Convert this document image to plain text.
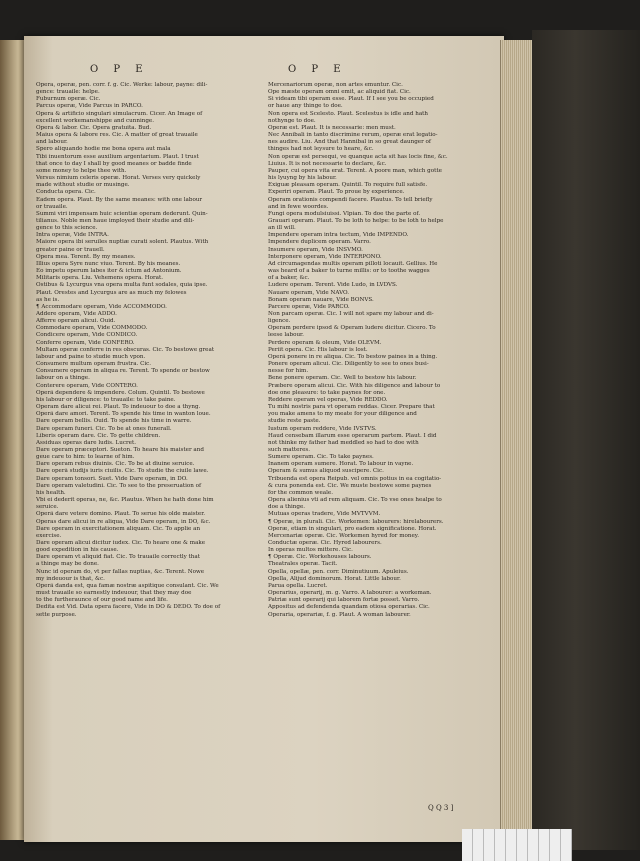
O P E	O P E
Opera, operæ, pen. corr. f. g. Cic. Werke: labour, payne: dili-
gence: trauaile: helpe.
Fuburnum operæ. Cic.
Parcus operæ, Vide Parcus in PARCO.
Opera & artificio singulari simulacrum. Cicer. An Image of
excellent workemanshippe and cunninge.
Opera & labor. Cic. Opera gratuita. Bud.
Maius opera & labore res. Cic. A matter of great trauaile
and labour.
Spero aliquando hodie me bona opera aut mala
Tibi inuentorum esse auxilium argentarium. Plaut. I trust
that once to day I shall by good meanes or badde finde
some money to helpe thee with.
Versus nimium celeris operæ. Horat. Verses very quickely
made without studie or musinge.
Conducta opera. Cic.
Eadem opera. Plaut. By the same meanes: with one labour
or trauaile.
Summi viri impensam huic scientiæ operam dederunt. Quin-
tilianus. Noble men haue imployed their studie and dili-
gence to this science.
Intra operæ, Vide INTRA.
Maiore opera ibi seruiles nuptiæ curati solent. Plautus. With
greater paine or trauell.
Opera mea. Terent. By my meanes.
Illius opera Syre nunc viuo. Terent. By his meanes.
Eo impetu operum labes iter & ictum ad Antonium.
Militaris opera. Liu. Vehemens opera. Horat.
Ostibus & Lycurgus vna opera multa funt sodales, quia ipse.
Plaut. Orestes and Lycurgus are as much my felowes
as he is.
¶ Accommodare operam, Vide ACCOMMODO.
Addere operam, Vide ADDO.
Afferre operam alicui. Ouid.
Commodare operam, Vide COMMODO.
Condicere operam, Vide CONDICO.
Conferre operam, Vide CONFERO.
Multam operæ conferre in res obscuras. Cic. To bestowe great
labour and paine to studie much vpon.
Consumere multum operam frustra. Cic.
Consumere operam in aliqua re. Terent. To spende or bestow
labour on a thinge.
Conterere operam, Vide CONTERO.
Operâ dependere & impendere. Colum. Quintil. To bestowe
his labour or diligence: to trauaile: to take paine.
Operam dare alicui rei. Plaut. To indeuour to doe a thyng.
Operâ dare amori. Terent. To spende his time in wanton loue.
Dare operam bellis. Ouid. To spende his time in warre.
Dare operam funeri. Cic. To be at ones funerall.
Liberis operam dare. Cic. To gette children.
Assiduas operas dare ludis. Lucret.
Dare operam præceptori. Sueton. To heare his maister and
geue care to him: to learne of him.
Dare operam rebus diuinis. Cic. To be at diuine seruice.
Dare operâ studijs iuris ciuilis. Cic. To studie the ciuile lawe.
Dare operam tonsori. Suet. Vide Dare operam, in DO.
Dare operam valetudini. Cic. To see to the preseruation of
his health.
Vbi ei dederit operas, ne, &c. Plautus. When he hath done him
seruice.
Operâ dare vetere domino. Plaut. To serue his olde maister.
Operas dare alicui in re aliqua, Vide Dare operam, in DO, &c.
Dare operam in exercitationem aliquam. Cic. To applie an
exercise.
Dare operam alicui dicitur iudex. Cic. To heare one & make
good expedition in his cause.
Dare operam vt aliquid fiat. Cic. To trauaile correctly that
a thinge may be done.
Nunc id operam do, vt per fallas nuptias, &c. Terent. Nowe
my indeuour is that, &c.
Operâ danda est, qua famæ nostræ aspitique consulant. Cic. We
must trauaile so earnestly indeuour, that they may doe
to the furtheraunce of our good name and life.
Dedita est Vid. Data opera facere, Vide in DO & DEDO. To doe of
sette purpose.
Mercenariorum operæ, non artes emuntur. Cic.
Ope mæste operam omni emit, ac aliquid fiat. Cic.
Si videam tibi operam esse. Plaut. If I see you be occupied
or haue any thinge to doe.
Non opera est Scelesto. Plaut. Scelestus is idle and hath
nothynge to doe.
Operæ est. Plaut. It is necessarie: men must.
Nec Annibali in tanto discrimine rerum, operæ erat legatio-
nes audire. Liu. And that Hannibal in so great daunger of
thinges had not leysure to heare, &c.
Non operæ est persequi, ve quanque acta sit has locis fine, &c.
Liuius. It is not necessarie to declare, &c.
Pauper, cui opera vita erat. Terent. A poore man, which gotte
his lyuyng by his labour.
Exiguæ pleasam operam. Quintil. To require full satisfe.
Experiri operam. Plaut. To proue by experience.
Operam orationis compendi facere. Plautus. To tell briefly
and in fewe woordes.
Fungi opera modulsiuissi. Vlpian. To doe the parte of.
Grauari operam. Plaut. To be loth to helpe: to be loth to helpe
an ill will.
Impendere operam intra tectum, Vide IMPENDO.
Impendere duplicem operam. Varro.
Insumere operam, Vide INSVMO.
Interponere operam, Vide INTERPONO.
Ad circumagendas multis operam pilloti locauit. Gellius. He
was heard of a baker to turne millis: or to toothe wagges
of a baker, &c.
Ludere operam. Terent. Vide Ludo, in LVDVS.
Nauare operam, Vide NAVO.
Bonam operam nauare, Vide BONVS.
Parcere operæ, Vide PARCO.
Non parcam operæ. Cic. I will not spare my labour and di-
ligence.
Operam perdere ipsod & Operam ludere dicitur. Cicero. To
leese labour.
Perdere operam & oleum, Vide OLEVM.
Periit opera. Cic. His labour is lost.
Operâ ponere in re aliqua. Cic. To bestow paines in a thing.
Ponere operam alicui. Cic. Diligently to see to ones busi-
nesse for him.
Bene ponere operam. Cic. Well to bestow his labour.
Præbere operam alicui. Cic. With his diligence and labour to
doe one pleasure: to take paynes for one.
Reddere operam vel operas, Vide REDDO.
Tu mihi nostris para vt operam reddas. Cicer. Prepare that
you make amens to my meate for your diligence and
studie reste paste.
Iustum operam reddere, Vide IVSTVS.
Haud censebam illarum esse operarum partem. Plaut. I did
not thinke my father had meddled so had to doe with
such matteres.
Sumere operam. Cic. To take paynes.
Inanem operam sumere. Horat. To labour in vayne.
Operam & sumus aliquod suscipere. Cic.
Tribuenda est opera Reipub. vel omnis potius in ea cogitatio-
& cura ponenda est. Cic. We muste bestowe some paynes
for the common weale.
Opera alienius vti ad rem aliquam. Cic. To vse ones healpe to
doe a thinge.
Mutuas operas tradere, Vide MVTVVM.
¶ Operæ, in plurali. Cic. Workemen: labourers: hirelabourers.
Operæ, etiam in singulari, pro eadem significatione. Horat.
Mercenariæ operæ. Cic. Workemen hyred for money.
Conductæ operæ. Cic. Hyred labourers.
In operas multos mittere. Cic.
¶ Operæ. Cic. Workehouses labours.
Theatrales operæ. Tacit.
Opella, opellæ, pen. corr. Diminutiuum. Apuleius.
Opella, Alijud dominorum. Horat. Little labour.
Parua opella. Lucret.
Operarius, operarij, m. g. Varro. A labourer: a workeman.
Patriæ sunt operarij qui laborem fortæ posset. Varro.
Appositus ad defendenda quandam otiosa operarias. Cic.
Operaria, operariæ, f. g. Plaut. A woman labourer.
Q Q 3 ]
